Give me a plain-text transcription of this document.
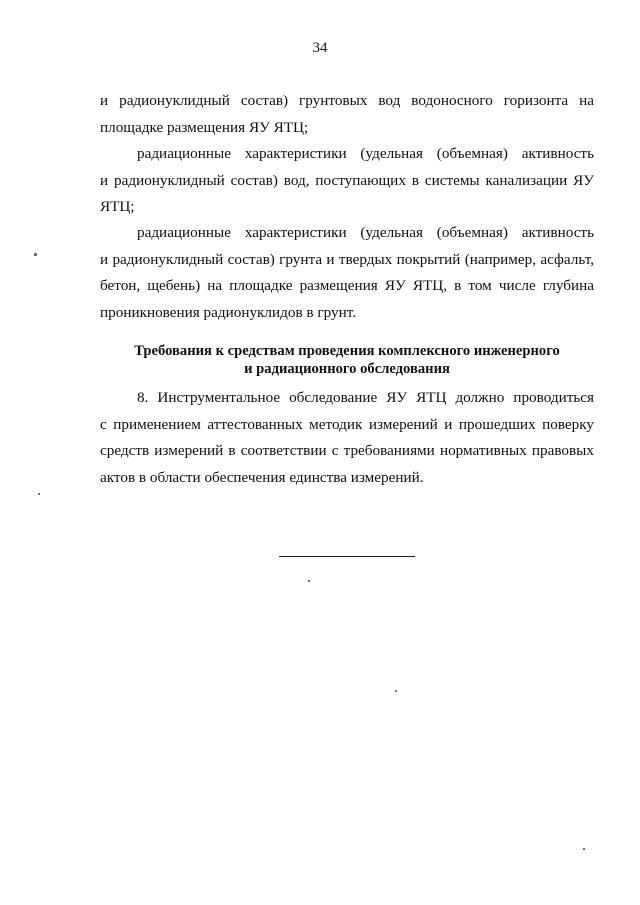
34
и радионуклидный состав) грунтовых вод водоносного горизонта на
площадке размещения ЯУ ЯТЦ;
радиационные характеристики (удельная (объемная) активность
и радионуклидный состав) вод, поступающих в системы канализации ЯУ
ЯТЦ;
радиационные характеристики (удельная (объемная) активность
и радионуклидный состав) грунта и твердых покрытий (например, асфальт,
бетон, щебень) на площадке размещения ЯУ ЯТЦ, в том числе глубина
проникновения радионуклидов в грунт.
Требования к средствам проведения комплексного инженерного
и радиационного обследования
8. Инструментальное обследование ЯУ ЯТЦ должно проводиться
с применением аттестованных методик измерений и прошедших поверку
средств измерений в соответствии с требованиями нормативных правовых
актов в области обеспечения единства измерений.
